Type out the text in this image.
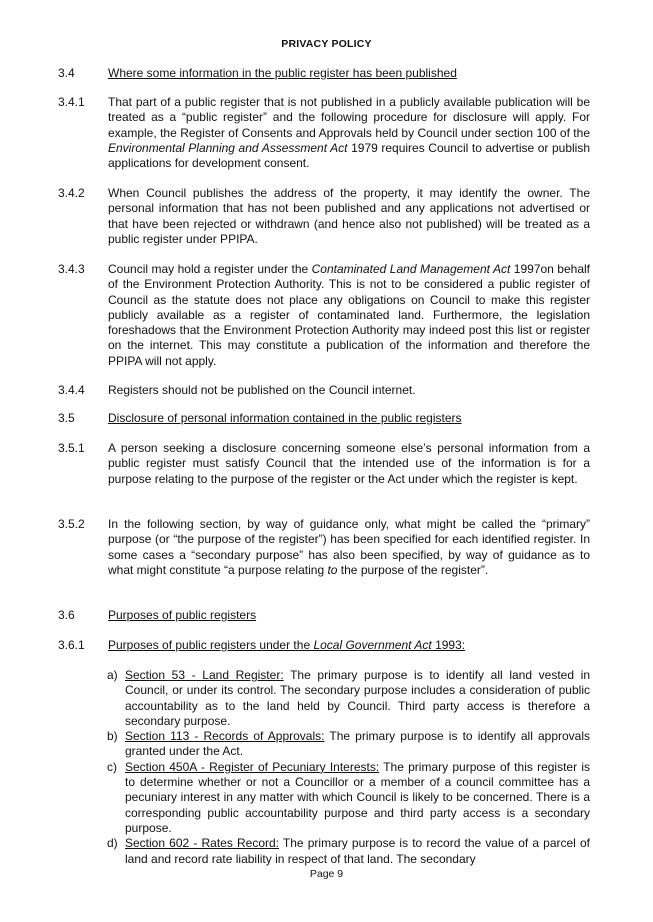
PRIVACY POLICY
3.4	Where some information in the public register has been published
3.4.1	That part of a public register that is not published in a publicly available publication will be treated as a “public register” and the following procedure for disclosure will apply. For example, the Register of Consents and Approvals held by Council under section 100 of the Environmental Planning and Assessment Act 1979 requires Council to advertise or publish applications for development consent.
3.4.2	When Council publishes the address of the property, it may identify the owner. The personal information that has not been published and any applications not advertised or that have been rejected or withdrawn (and hence also not published) will be treated as a public register under PPIPA.
3.4.3	Council may hold a register under the Contaminated Land Management Act 1997on behalf of the Environment Protection Authority. This is not to be considered a public register of Council as the statute does not place any obligations on Council to make this register publicly available as a register of contaminated land. Furthermore, the legislation foreshadows that the Environment Protection Authority may indeed post this list or register on the internet. This may constitute a publication of the information and therefore the PPIPA will not apply.
3.4.4	Registers should not be published on the Council internet.
3.5	Disclosure of personal information contained in the public registers
3.5.1	A person seeking a disclosure concerning someone else’s personal information from a public register must satisfy Council that the intended use of the information is for a purpose relating to the purpose of the register or the Act under which the register is kept.
3.5.2	In the following section, by way of guidance only, what might be called the “primary” purpose (or “the purpose of the register”) has been specified for each identified register. In some cases a “secondary purpose” has also been specified, by way of guidance as to what might constitute “a purpose relating to the purpose of the register”.
3.6	Purposes of public registers
3.6.1	Purposes of public registers under the Local Government Act 1993:
a) Section 53 - Land Register: The primary purpose is to identify all land vested in Council, or under its control. The secondary purpose includes a consideration of public accountability as to the land held by Council. Third party access is therefore a secondary purpose.
b) Section 113 - Records of Approvals: The primary purpose is to identify all approvals granted under the Act.
c) Section 450A - Register of Pecuniary Interests: The primary purpose of this register is to determine whether or not a Councillor or a member of a council committee has a pecuniary interest in any matter with which Council is likely to be concerned. There is a corresponding public accountability purpose and third party access is a secondary purpose.
d) Section 602 - Rates Record: The primary purpose is to record the value of a parcel of land and record rate liability in respect of that land. The secondary
Page 9
